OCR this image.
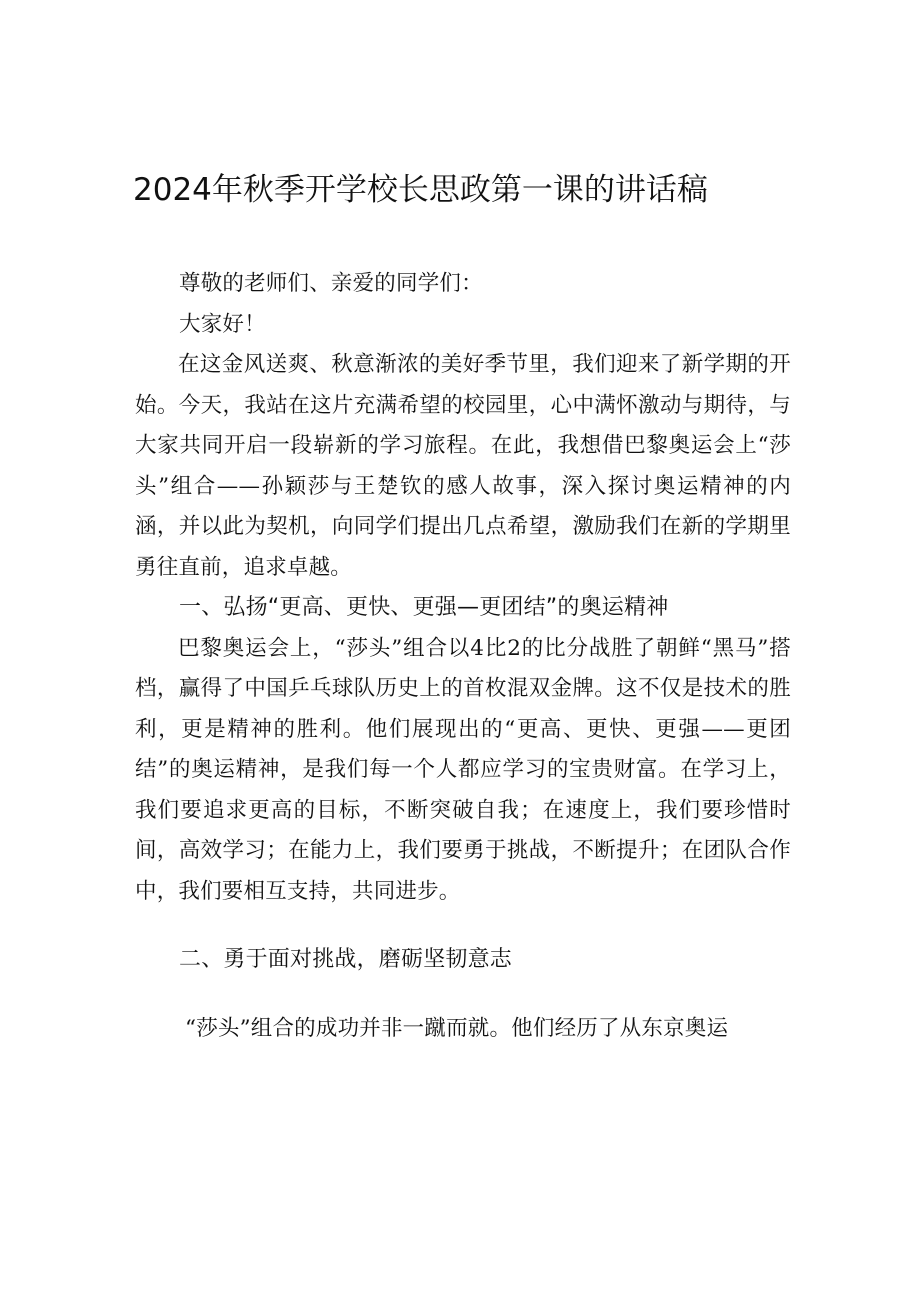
2024年秋季开学校长思政第一课的讲话稿

尊敬的老师们、亲爱的同学们：

大家好！

在这金风送爽、秋意渐浓的美好季节里，我们迎来了新学期的开始。今天，我站在这片充满希望的校园里，心中满怀激动与期待，与大家共同开启一段崭新的学习旅程。在此，我想借巴黎奥运会上“莎头”组合——孙颖莎与王楚钦的感人故事，深入探讨奥运精神的内涵，并以此为契机，向同学们提出几点希望，激励我们在新的学期里勇往直前，追求卓越。

一、弘扬“更高、更快、更强—更团结”的奥运精神

巴黎奥运会上，“莎头”组合以4比2的比分战胜了朝鲜“黑马”搭档，赢得了中国乒乓球队历史上的首枚混双金牌。这不仅是技术的胜利，更是精神的胜利。他们展现出的“更高、更快、更强——更团结”的奥运精神，是我们每一个人都应学习的宝贵财富。在学习上，我们要追求更高的目标，不断突破自我；在速度上，我们要珍惜时间，高效学习；在能力上，我们要勇于挑战，不断提升；在团队合作中，我们要相互支持，共同进步。

二、勇于面对挑战，磨砺坚韧意志

“莎头”组合的成功并非一蹴而就。他们经历了从东京奥运
